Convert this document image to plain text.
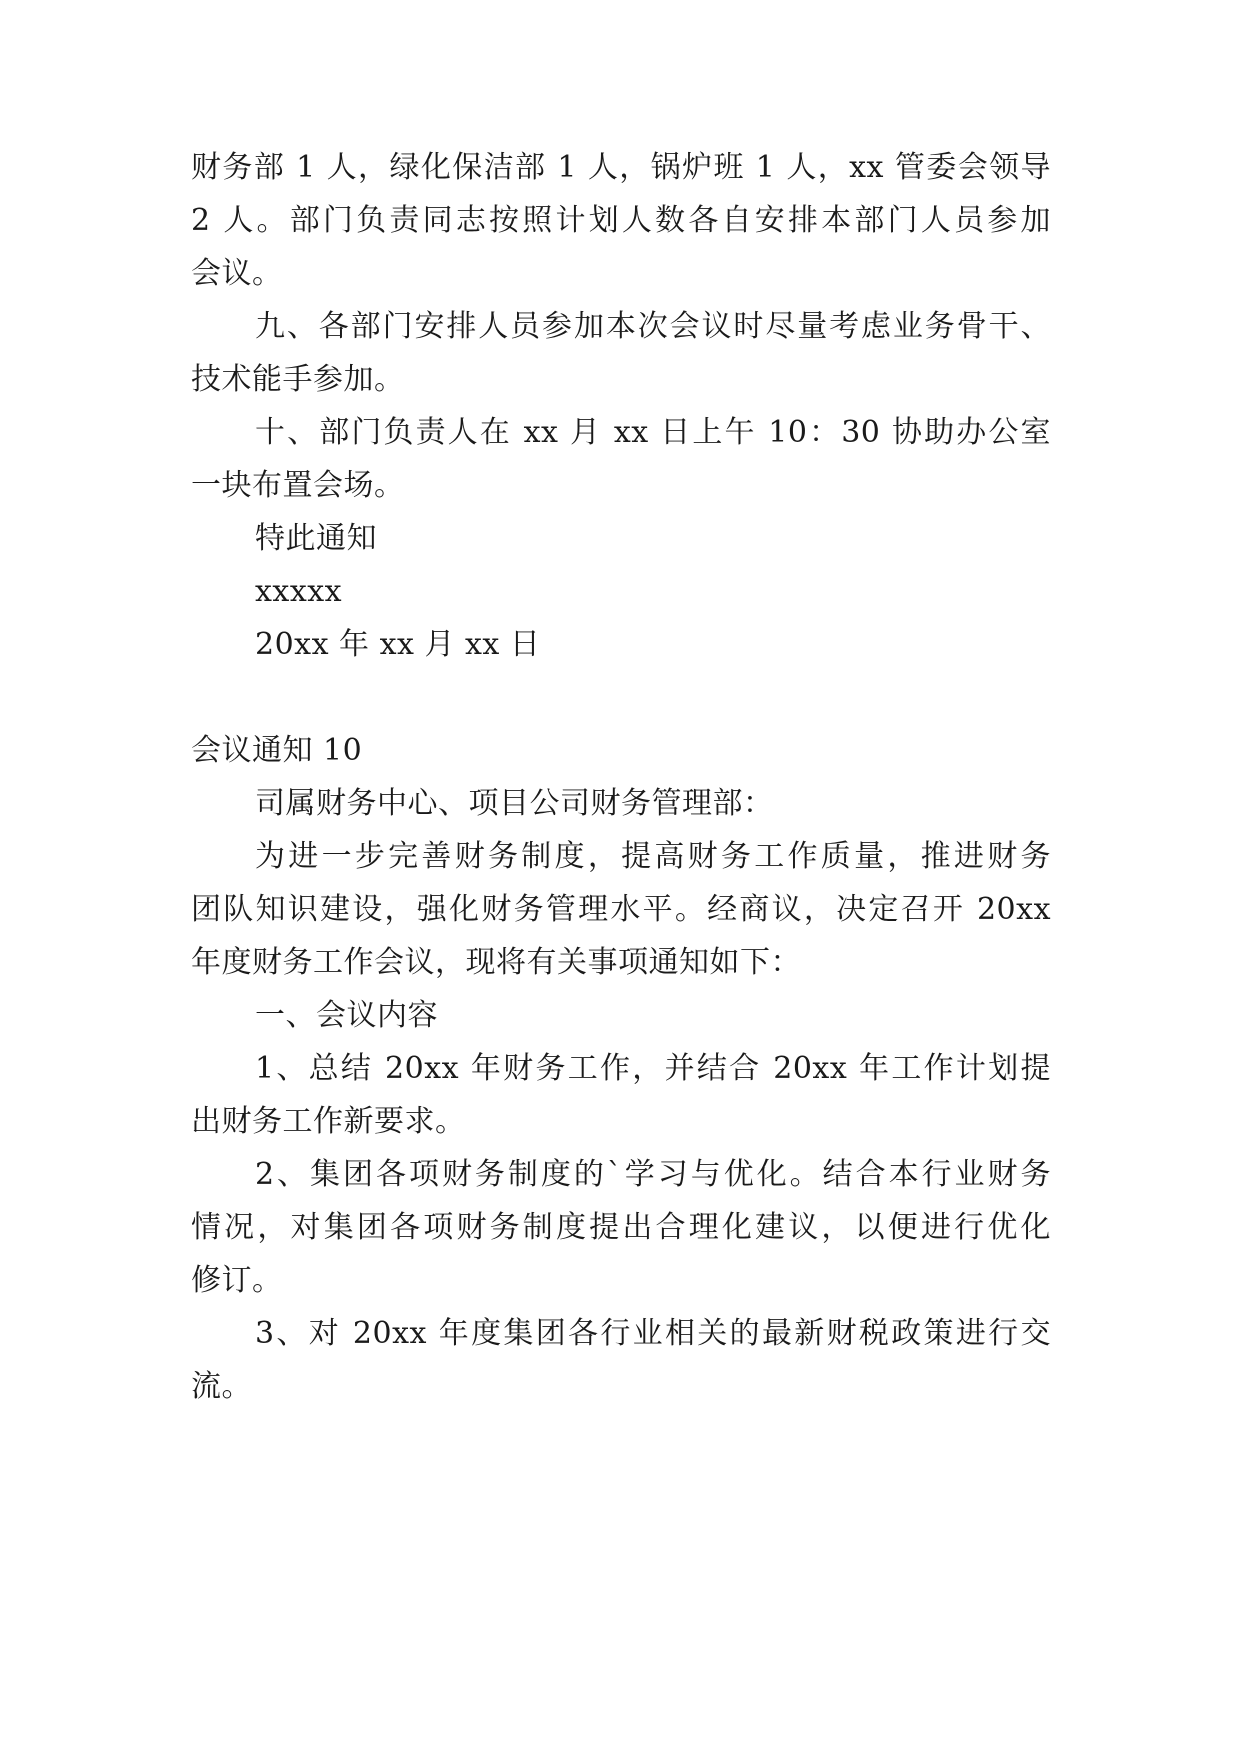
财务部 1 人，绿化保洁部 1 人，锅炉班 1 人，xx 管委会领导
2 人。部门负责同志按照计划人数各自安排本部门人员参加
会议。
九、各部门安排人员参加本次会议时尽量考虑业务骨干、
技术能手参加。
十、部门负责人在 xx 月 xx 日上午 10：30 协助办公室
一块布置会场。
特此通知
xxxxx
20xx 年 xx 月 xx 日
会议通知 10
司属财务中心、项目公司财务管理部：
为进一步完善财务制度，提高财务工作质量，推进财务
团队知识建设，强化财务管理水平。经商议，决定召开 20xx
年度财务工作会议，现将有关事项通知如下：
一、会议内容
1、总结 20xx 年财务工作，并结合 20xx 年工作计划提
出财务工作新要求。
2、集团各项财务制度的`学习与优化。结合本行业财务
情况，对集团各项财务制度提出合理化建议，以便进行优化
修订。
3、对 20xx 年度集团各行业相关的最新财税政策进行交
流。
